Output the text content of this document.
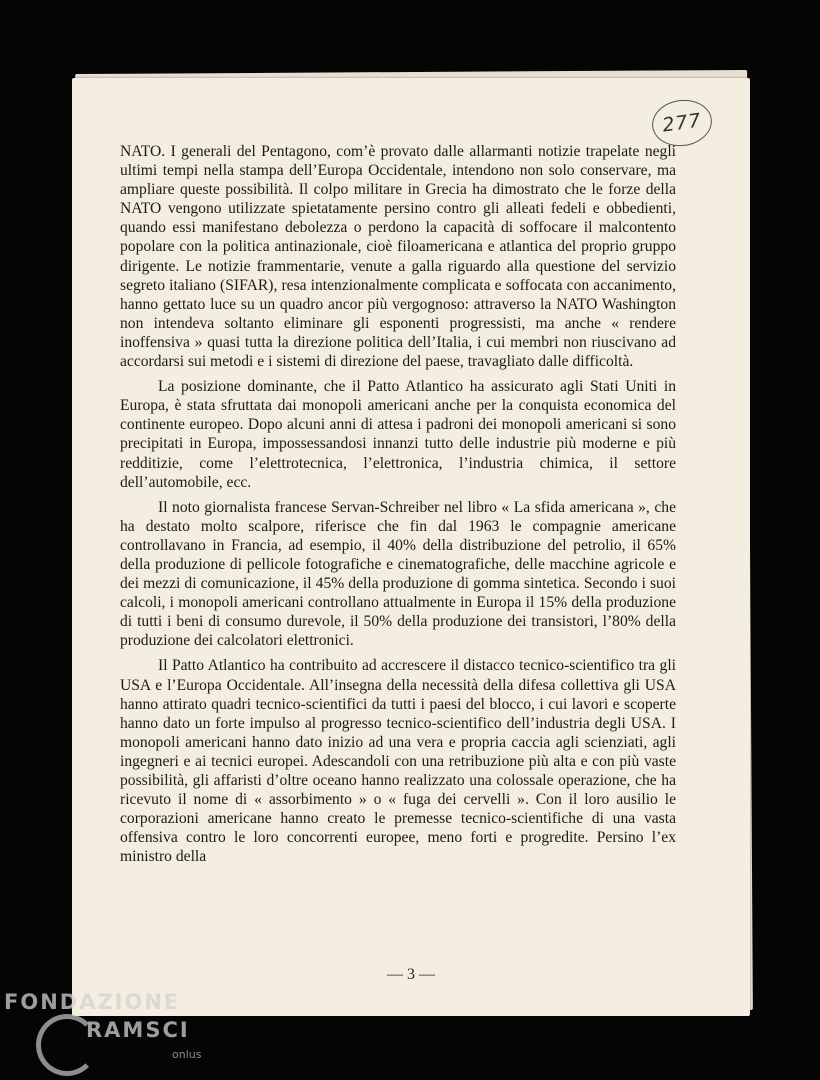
277

NATO. I generali del Pentagono, com’è provato dalle allarmanti notizie trapelate negli ultimi tempi nella stampa dell’Europa Occidentale, intendono non solo conservare, ma ampliare queste possibilità. Il colpo militare in Grecia ha dimostrato che le forze della NATO vengono utilizzate spietatamente persino contro gli alleati fedeli e obbedienti, quando essi manifestano debolezza o perdono la capacità di soffocare il malcontento popolare con la politica antinazionale, cioè filoamericana e atlantica del proprio gruppo dirigente. Le notizie frammentarie, venute a galla riguardo alla questione del servizio segreto italiano (SIFAR), resa intenzionalmente complicata e soffocata con accanimento, hanno gettato luce su un quadro ancor più vergognoso: attraverso la NATO Washington non intendeva soltanto eliminare gli esponenti progressisti, ma anche « rendere inoffensiva » quasi tutta la direzione politica dell’Italia, i cui membri non riuscivano ad accordarsi sui metodi e i sistemi di direzione del paese, travagliato dalle difficoltà.

La posizione dominante, che il Patto Atlantico ha assicurato agli Stati Uniti in Europa, è stata sfruttata dai monopoli americani anche per la conquista economica del continente europeo. Dopo alcuni anni di attesa i padroni dei monopoli americani si sono precipitati in Europa, impossessandosi innanzi tutto delle industrie più moderne e più redditizie, come l’elettrotecnica, l’elettronica, l’industria chimica, il settore dell’automobile, ecc.

Il noto giornalista francese Servan-Schreiber nel libro « La sfida americana », che ha destato molto scalpore, riferisce che fin dal 1963 le compagnie americane controllavano in Francia, ad esempio, il 40% della distribuzione del petrolio, il 65% della produzione di pellicole fotografiche e cinematografiche, delle macchine agricole e dei mezzi di comunicazione, il 45% della produzione di gomma sintetica. Secondo i suoi calcoli, i monopoli americani controllano attualmente in Europa il 15% della produzione di tutti i beni di consumo durevole, il 50% della produzione dei transistori, l’80% della produzione dei calcolatori elettronici.

Il Patto Atlantico ha contribuito ad accrescere il distacco tecnico-scientifico tra gli USA e l’Europa Occidentale. All’insegna della necessità della difesa collettiva gli USA hanno attirato quadri tecnico-scientifici da tutti i paesi del blocco, i cui lavori e scoperte hanno dato un forte impulso al progresso tecnico-scientifico dell’industria degli USA. I monopoli americani hanno dato inizio ad una vera e propria caccia agli scienziati, agli ingegneri e ai tecnici europei. Adescandoli con una retribuzione più alta e con più vaste possibilità, gli affaristi d’oltre oceano hanno realizzato una colossale operazione, che ha ricevuto il nome di « assorbimento » o « fuga dei cervelli ». Con il loro ausilio le corporazioni americane hanno creato le premesse tecnico-scientifiche di una vasta offensiva contro le loro concorrenti europee, meno forti e progredite. Persino l’ex ministro della

— 3 —
FONDAZIONE
RAMSCI
onlus
